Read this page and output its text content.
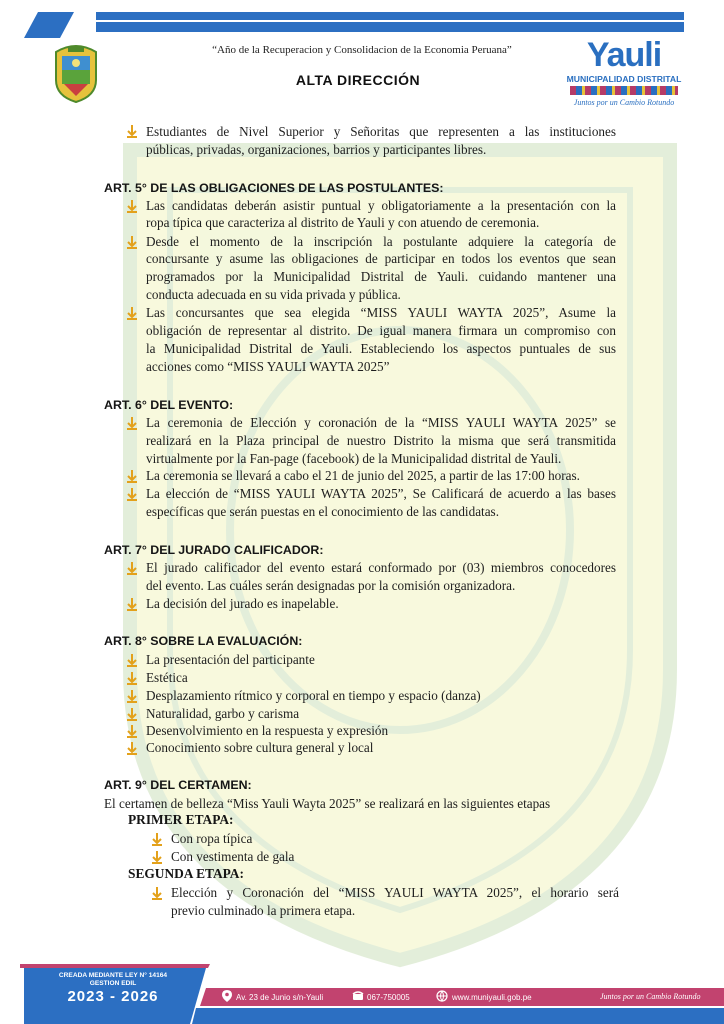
“Año de la Recuperacion y Consolidacion de la Economia Peruana”
ALTA DIRECCIÓN
Yauli
MUNICIPALIDAD DISTRITAL
Juntos por un Cambio Rotundo
Estudiantes de Nivel Superior y Señoritas que representen a las instituciones
públicas, privadas, organizaciones, barrios y participantes libres.
ART. 5° DE LAS OBLIGACIONES DE LAS POSTULANTES:
Las candidatas deberán asistir puntual y obligatoriamente a la presentación con la
ropa típica que caracteriza al distrito de Yauli y con atuendo de ceremonia.
Desde el momento de la inscripción la postulante adquiere la categoría de
concursante y asume las obligaciones de participar en todos los eventos que sean
programados por la Municipalidad Distrital de Yauli. cuidando mantener una
conducta adecuada en su vida privada y pública.
Las concursantes que sea elegida “MISS YAULI WAYTA 2025”, Asume la
obligación de representar al distrito. De igual manera firmara un compromiso con
la Municipalidad Distrital de Yauli. Estableciendo los aspectos puntuales de sus
acciones como “MISS YAULI WAYTA 2025”
ART. 6° DEL EVENTO:
La ceremonia de Elección y coronación de la “MISS YAULI WAYTA 2025” se
realizará en la Plaza principal de nuestro Distrito la misma que será transmitida
virtualmente por la Fan-page (facebook) de la Municipalidad distrital de Yauli.
La ceremonia se llevará a cabo el 21 de junio del 2025, a partir de las 17:00 horas.
La elección de “MISS YAULI WAYTA 2025”, Se Calificará de acuerdo a las bases
específicas que serán puestas en el conocimiento de las candidatas.
ART. 7° DEL JURADO CALIFICADOR:
El jurado calificador del evento estará conformado por (03) miembros conocedores
del evento. Las cuáles serán designadas por la comisión organizadora.
La decisión del jurado es inapelable.
ART. 8° SOBRE LA EVALUACIÓN:
La presentación del participante
Estética
Desplazamiento rítmico y corporal en tiempo y espacio (danza)
Naturalidad, garbo y carisma
Desenvolvimiento en la respuesta y expresión
Conocimiento sobre cultura general y local
ART. 9° DEL CERTAMEN:
El certamen de belleza “Miss Yauli Wayta 2025” se realizará en las siguientes etapas
PRIMER ETAPA:
Con ropa típica
Con vestimenta de gala
SEGUNDA ETAPA:
Elección y Coronación del “MISS YAULI WAYTA 2025”, el horario será
previo culminado la primera etapa.
CREADA MEDIANTE LEY N° 14164
GESTION EDIL
2023 - 2026	Av. 23 de Junio s/n-Yauli	067-750005	www.muniyauli.gob.pe	Juntos por un Cambio Rotundo
